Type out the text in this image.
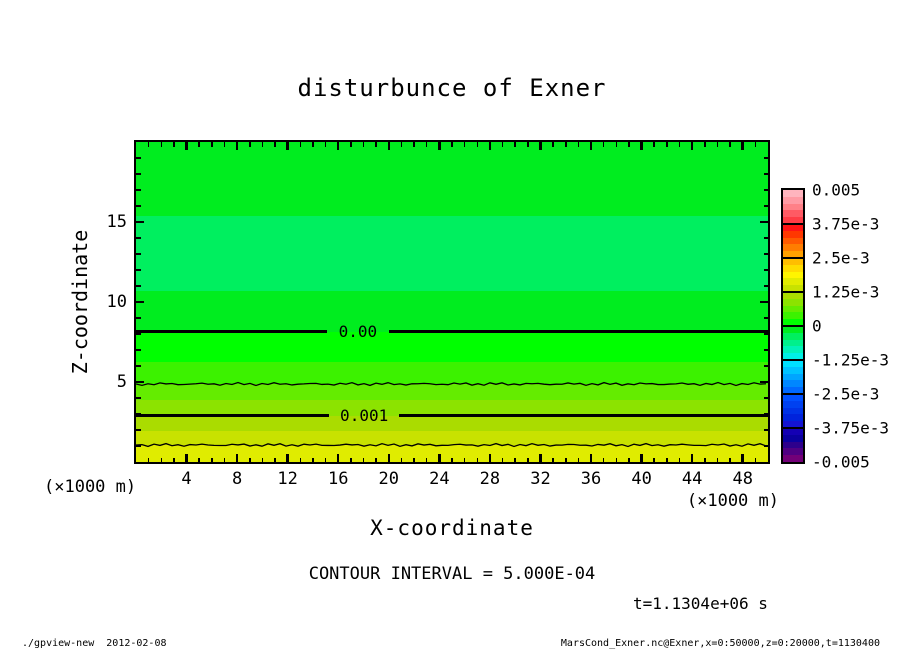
disturbunce of Exner
Z-coordinate	0.00
0.001
(×1000 m)
(×1000 m)
X-coordinate
CONTOUR INTERVAL = 5.000E-04
t=1.1304e+06 s
./gpview-new  2012-02-08	MarsCond_Exner.nc@Exner,x=0:50000,z=0:20000,t=1130400
4 8 12 16 20 24 28 32 36 40 44 48
5
10
15
0.005
3.75e-3
2.5e-3
1.25e-3
0
-1.25e-3
-2.5e-3
-3.75e-3
-0.005
